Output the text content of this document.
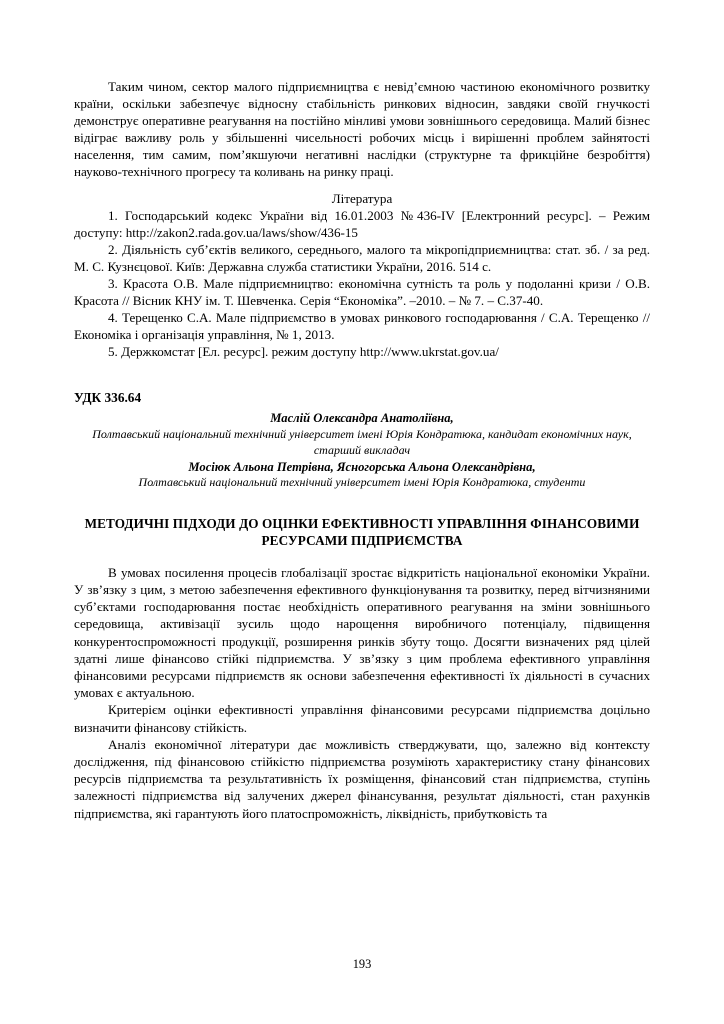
Таким чином, сектор малого підприємництва є невід’ємною частиною економічного розвитку країни, оскільки забезпечує відносну стабільність ринкових відносин, завдяки своїй гнучкості демонструє оперативне реагування на постійно мінливі умови зовнішнього середовища. Малий бізнес відіграє важливу роль у збільшенні чисельності робочих місць і вирішенні проблем зайнятості населення, тим самим, пом’якшуючи негативні наслідки (структурне та фрикційне безробіття) науково-технічного прогресу та коливань на ринку праці.

Література

1. Господарський кодекс України від 16.01.2003 №436-IV [Електронний ресурс]. – Режим доступу: http://zakon2.rada.gov.ua/laws/show/436-15

2. Діяльність суб’єктів великого, середнього, малого та мікропідприємництва: стат. зб. / за ред. М. С. Кузнєцової. Київ: Державна служба статистики України, 2016. 514 с.

3. Красота О.В. Мале підприємництво: економічна сутність та роль у подоланні кризи / О.В. Красота // Вісник КНУ ім. Т. Шевченка. Серія “Економіка”. –2010. – № 7. – С.37-40.

4. Терещенко С.А. Мале підприємство в умовах ринкового господарювання / С.А. Терещенко // Економіка і організація управління, № 1, 2013.

5. Держкомстат [Ел. ресурс]. режим доступу http://www.ukrstat.gov.ua/

УДК 336.64

Маслій Олександра Анатоліївна,

Полтавський національний технічний університет імені Юрія Кондратюка, кандидат економічних наук, старший викладач

Мосіюк Альона Петрівна, Ясногорська Альона Олександрівна,

Полтавський національний технічний університет імені Юрія Кондратюка, студенти

МЕТОДИЧНІ ПІДХОДИ ДО ОЦІНКИ ЕФЕКТИВНОСТІ УПРАВЛІННЯ ФІНАНСОВИМИ РЕСУРСАМИ ПІДПРИЄМСТВА

В умовах посилення процесів глобалізації зростає відкритість національної економіки України. У зв’язку з цим, з метою забезпечення ефективного функціонування та розвитку, перед вітчизняними суб’єктами господарювання постає необхідність оперативного реагування на зміни зовнішнього середовища, активізації зусиль щодо нарощення виробничого потенціалу, підвищення конкурентоспроможності продукції, розширення ринків збуту тощо. Досягти визначених ряд цілей здатні лише фінансово стійкі підприємства. У зв’язку з цим проблема ефективного управління фінансовими ресурсами підприємств як основи забезпечення ефективності їх діяльності в сучасних умовах є актуальною.

Критерієм оцінки ефективності управління фінансовими ресурсами підприємства доцільно визначити фінансову стійкість.

Аналіз економічної літератури дає можливість стверджувати, що, залежно від контексту дослідження, під фінансовою стійкістю підприємства розуміють характеристику стану фінансових ресурсів підприємства та результативність їх розміщення, фінансовий стан підприємства, ступінь залежності підприємства від залучених джерел фінансування, результат діяльності, стан рахунків підприємства, які гарантують його платоспроможність, ліквідність, прибутковість та

193
